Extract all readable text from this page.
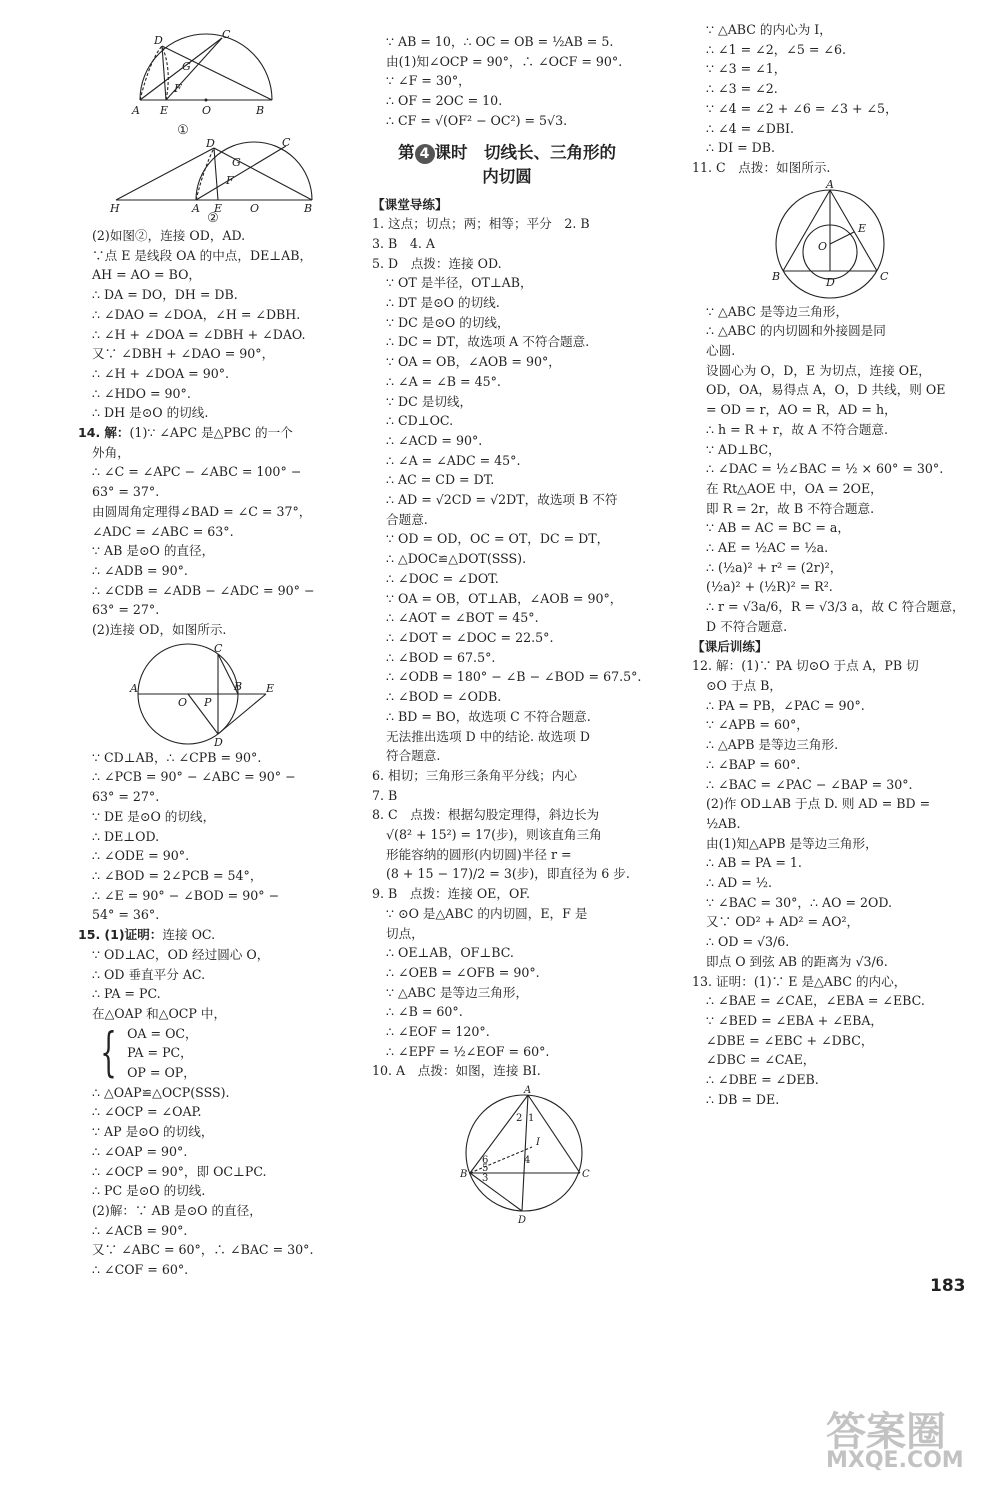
D	C
G
F
A E	O	B
①
H
D	C
G
F
A E	O	B
②
(2)如图②，连接 OD，AD.
∵点 E 是线段 OA 的中点，DE⊥AB，
AH = AO = BO，
∴ DA = DO，DH = DB.
∴ ∠DAO = ∠DOA，∠H = ∠DBH.
∴ ∠H + ∠DOA = ∠DBH + ∠DAO.
又∵ ∠DBH + ∠DAO = 90°，
∴ ∠H + ∠DOA = 90°.
∴ ∠HDO = 90°.
∴ DH 是⊙O 的切线.
14. 解：(1)∵ ∠APC 是△PBC 的一个
外角，
∴ ∠C = ∠APC − ∠ABC = 100° −
63° = 37°.
由圆周角定理得∠BAD = ∠C = 37°，
∠ADC = ∠ABC = 63°.
∵ AB 是⊙O 的直径，
∴ ∠ADB = 90°.
∴ ∠CDB = ∠ADB − ∠ADC = 90° −
63° = 27°.
(2)连接 OD，如图所示.
A
C
B E
O P
D
∵ CD⊥AB，∴ ∠CPB = 90°.
∴ ∠PCB = 90° − ∠ABC = 90° −
63° = 27°.
∵ DE 是⊙O 的切线，
∴ DE⊥OD.
∴ ∠ODE = 90°.
∴ ∠BOD = 2∠PCB = 54°，
∴ ∠E = 90° − ∠BOD = 90° −
54° = 36°.
15. (1)证明：连接 OC.
∵ OD⊥AC，OD 经过圆心 O，
∴ OD 垂直平分 AC.
∴ PA = PC.
在△OAP 和△OCP 中，
{ OA = OC，
PA = PC，
OP = OP，
∴ △OAP≌△OCP(SSS).
∴ ∠OCP = ∠OAP.
∵ AP 是⊙O 的切线，
∴ ∠OAP = 90°.
∴ ∠OCP = 90°，即 OC⊥PC.
∴ PC 是⊙O 的切线.
(2)解：∵ AB 是⊙O 的直径，
∴ ∠ACB = 90°.
又∵ ∠ABC = 60°，∴ ∠BAC = 30°.
∴ ∠COF = 60°.
∵ AB = 10，∴ OC = OB = ½AB = 5.
由(1)知∠OCP = 90°，∴ ∠OCF = 90°.
∵ ∠F = 30°，
∴ OF = 2OC = 10.
∴ CF = √(OF² − OC²) = 5√3.
第 4 课时　切线长、三角形的
内切圆
【课堂导练】
1. 这点；切点；两；相等；平分　2. B
3. B　4. A
5. D　点拨：连接 OD.
∵ OT 是半径，OT⊥AB，
∴ DT 是⊙O 的切线.
∵ DC 是⊙O 的切线，
∴ DC = DT，故选项 A 不符合题意.
∵ OA = OB，∠AOB = 90°，
∴ ∠A = ∠B = 45°.
∵ DC 是切线，
∴ CD⊥OC.
∴ ∠ACD = 90°.
∴ ∠A = ∠ADC = 45°.
∴ AC = CD = DT.
∴ AD = √2CD = √2DT，故选项 B 不符
合题意.
∵ OD = OD，OC = OT，DC = DT，
∴ △DOC≌△DOT(SSS).
∴ ∠DOC = ∠DOT.
∵ OA = OB，OT⊥AB，∠AOB = 90°，
∴ ∠AOT = ∠BOT = 45°.
∴ ∠DOT = ∠DOC = 22.5°.
∴ ∠BOD = 67.5°.
∴ ∠ODB = 180° − ∠B − ∠BOD = 67.5°.
∴ ∠BOD = ∠ODB.
∴ BD = BO，故选项 C 不符合题意.
无法推出选项 D 中的结论. 故选项 D
符合题意.
6. 相切；三角形三条角平分线；内心
7. B
8. C　点拨：根据勾股定理得，斜边长为
√(8² + 15²) = 17(步)，则该直角三角
形能容纳的圆形(内切圆)半径 r =
(8 + 15 − 17)/2 = 3(步)，即直径为 6 步.
9. B　点拨：连接 OE，OF.
∵ ⊙O 是△ABC 的内切圆，E，F 是
切点，
∴ OE⊥AB，OF⊥BC.
∴ ∠OEB = ∠OFB = 90°.
∵ △ABC 是等边三角形，
∴ ∠B = 60°.
∴ ∠EOF = 120°.
∴ ∠EPF = ½∠EOF = 60°.
10. A　点拨：如图，连接 BI.
A
B	C
D
I
2 1
6
5
3
4
∵ △ABC 的内心为 I，
∴ ∠1 = ∠2，∠5 = ∠6.
∵ ∠3 = ∠1，
∴ ∠3 = ∠2.
∵ ∠4 = ∠2 + ∠6 = ∠3 + ∠5，
∴ ∠4 = ∠DBI.
∴ DI = DB.
11. C　点拨：如图所示.
A
B	C
D
E
O
∵ △ABC 是等边三角形，
∴ △ABC 的内切圆和外接圆是同
心圆.
设圆心为 O，D，E 为切点，连接 OE，
OD，OA，易得点 A，O，D 共线，则 OE
= OD = r，AO = R，AD = h，
∴ h = R + r，故 A 不符合题意.
∵ AD⊥BC，
∴ ∠DAC = ½∠BAC = ½ × 60° = 30°.
在 Rt△AOE 中，OA = 2OE，
即 R = 2r，故 B 不符合题意.
∵ AB = AC = BC = a，
∴ AE = ½AC = ½a.
∴ (½a)² + r² = (2r)²，
(½a)² + (½R)² = R².
∴ r = √3a/6，R = √3/3 a，故 C 符合题意，
D 不符合题意.
【课后训练】
12. 解：(1)∵ PA 切⊙O 于点 A，PB 切
⊙O 于点 B，
∴ PA = PB，∠PAC = 90°.
∵ ∠APB = 60°，
∴ △APB 是等边三角形.
∴ ∠BAP = 60°.
∴ ∠BAC = ∠PAC − ∠BAP = 30°.
(2)作 OD⊥AB 于点 D. 则 AD = BD =
½AB.
由(1)知△APB 是等边三角形，
∴ AB = PA = 1.
∴ AD = ½.
∵ ∠BAC = 30°，∴ AO = 2OD.
又∵ OD² + AD² = AO²，
∴ OD = √3/6.
即点 O 到弦 AB 的距离为 √3/6.
13. 证明：(1)∵ E 是△ABC 的内心，
∴ ∠BAE = ∠CAE，∠EBA = ∠EBC.
∵ ∠BED = ∠EBA + ∠EBA，
∠DBE = ∠EBC + ∠DBC，
∠DBC = ∠CAE，
∴ ∠DBE = ∠DEB.
∴ DB = DE.
183
答案圈
MXQE.COM
